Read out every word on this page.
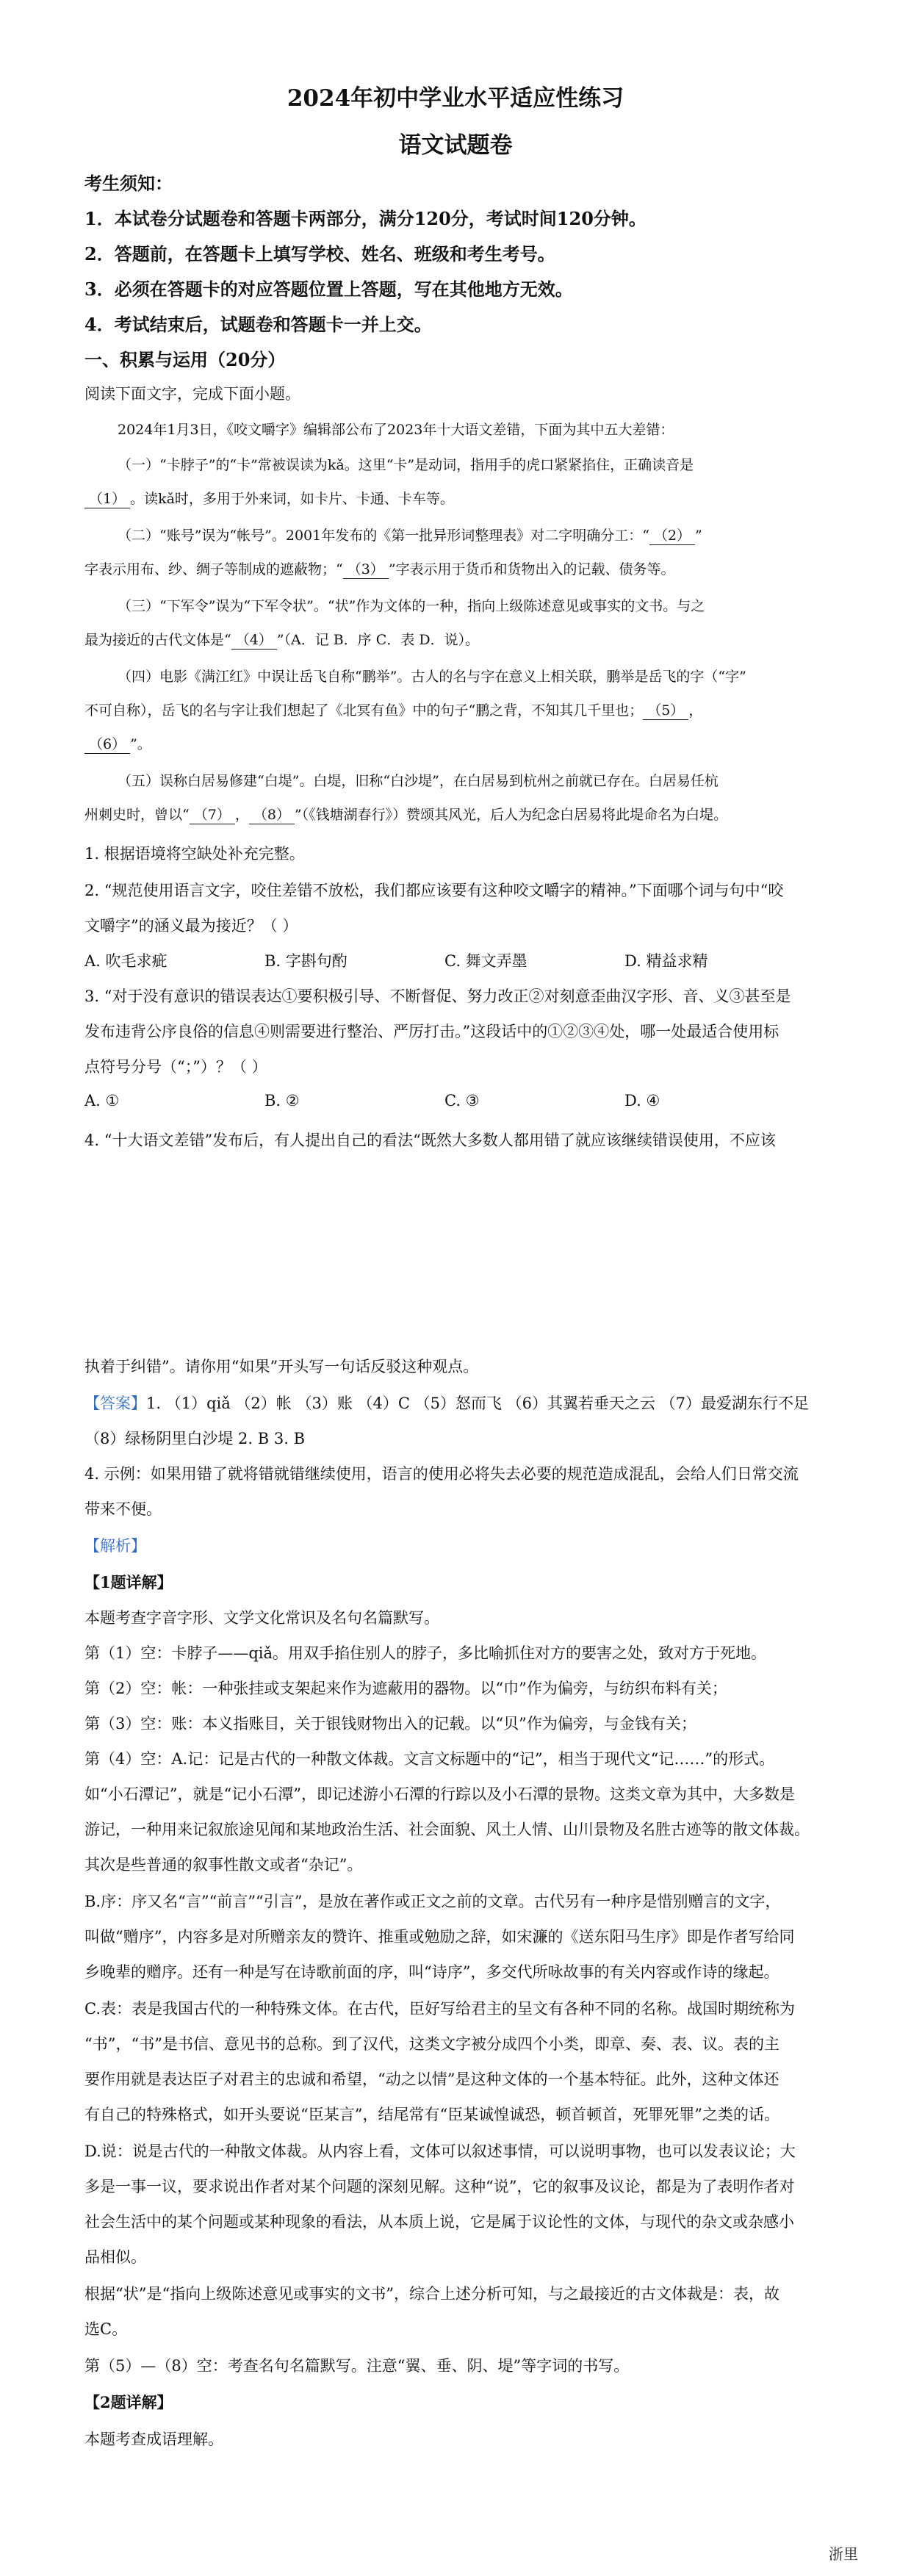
2024年初中学业水平适应性练习
语文试题卷
考生须知：
1．本试卷分试题卷和答题卡两部分，满分120分，考试时间120分钟。
2．答题前，在答题卡上填写学校、姓名、班级和考生考号。
3．必须在答题卡的对应答题位置上答题，写在其他地方无效。
4．考试结束后，试题卷和答题卡一并上交。
一、积累与运用（20分）
阅读下面文字，完成下面小题。
2024年1月3日，《咬文嚼字》编辑部公布了2023年十大语文差错，下面为其中五大差错：
（一）“卡脖子”的“卡”常被误读为kǎ。这里“卡”是动词，指用手的虎口紧紧掐住，正确读音是
（1） 。读kǎ时，多用于外来词，如卡片、卡通、卡车等。
（二）“账号”误为“帐号”。2001年发布的《第一批异形词整理表》对二字明确分工：“ （2） ”
字表示用布、纱、绸子等制成的遮蔽物；“ （3） ”字表示用于货币和货物出入的记载、债务等。
（三）“下军令”误为“下军令状”。“状”作为文体的一种，指向上级陈述意见或事实的文书。与之
最为接近的古代文体是“ （4） ”（A．记 B．序 C．表 D．说）。
（四）电影《满江红》中误让岳飞自称“鹏举”。古人的名与字在意义上相关联，鹏举是岳飞的字（“字”
不可自称），岳飞的名与字让我们想起了《北冥有鱼》中的句子“鹏之背，不知其几千里也； （5） ，
（6） ”。
（五）误称白居易修建“白堤”。白堤，旧称“白沙堤”，在白居易到杭州之前就已存在。白居易任杭
州刺史时，曾以“ （7） ， （8） ”（《钱塘湖春行》）赞颂其风光，后人为纪念白居易将此堤命名为白堤。
1. 根据语境将空缺处补充完整。
2. “规范使用语言文字，咬住差错不放松，我们都应该要有这种咬文嚼字的精神。”下面哪个词与句中“咬
文嚼字”的涵义最为接近？（ ）
A. 吹毛求疵	B. 字斟句酌	C. 舞文弄墨	D. 精益求精
3. “对于没有意识的错误表达①要积极引导、不断督促、努力改正②对刻意歪曲汉字形、音、义③甚至是
发布违背公序良俗的信息④则需要进行整治、严厉打击。”这段话中的①②③④处，哪一处最适合使用标
点符号分号（“；”）？（ ）
A. ①	B. ②	C. ③	D. ④
4. “十大语文差错”发布后，有人提出自己的看法“既然大多数人都用错了就应该继续错误使用，不应该
执着于纠错”。请你用“如果”开头写一句话反驳这种观点。
【答案】1. （1）qiǎ （2）帐 （3）账 （4）C （5）怒而飞 （6）其翼若垂天之云 （7）最爱湖东行不足
（8）绿杨阴里白沙堤 2. B 3. B
4. 示例：如果用错了就将错就错继续使用，语言的使用必将失去必要的规范造成混乱，会给人们日常交流
带来不便。
【解析】
【1题详解】
本题考查字音字形、文学文化常识及名句名篇默写。
第（1）空：卡脖子——qiǎ。用双手掐住别人的脖子，多比喻抓住对方的要害之处，致对方于死地。
第（2）空：帐：一种张挂或支架起来作为遮蔽用的器物。以“巾”作为偏旁，与纺织布料有关；
第（3）空：账：本义指账目，关于银钱财物出入的记载。以“贝”作为偏旁，与金钱有关；
第（4）空：A.记：记是古代的一种散文体裁。文言文标题中的“记”，相当于现代文“记……”的形式。
如“小石潭记”，就是“记小石潭”，即记述游小石潭的行踪以及小石潭的景物。这类文章为其中，大多数是
游记，一种用来记叙旅途见闻和某地政治生活、社会面貌、风土人情、山川景物及名胜古迹等的散文体裁。
其次是些普通的叙事性散文或者“杂记”。
B.序：序又名“言”“前言”“引言”，是放在著作或正文之前的文章。古代另有一种序是惜别赠言的文字，
叫做“赠序”，内容多是对所赠亲友的赞许、推重或勉励之辞，如宋濂的《送东阳马生序》即是作者写给同
乡晚辈的赠序。还有一种是写在诗歌前面的序，叫“诗序”，多交代所咏故事的有关内容或作诗的缘起。
C.表：表是我国古代的一种特殊文体。在古代，臣好写给君主的呈文有各种不同的名称。战国时期统称为
“书”，“书”是书信、意见书的总称。到了汉代，这类文字被分成四个小类，即章、奏、表、议。表的主
要作用就是表达臣子对君主的忠诚和希望，“动之以情”是这种文体的一个基本特征。此外，这种文体还
有自己的特殊格式，如开头要说“臣某言”，结尾常有“臣某诚惶诚恐，顿首顿首，死罪死罪”之类的话。
D.说：说是古代的一种散文体裁。从内容上看，文体可以叙述事情，可以说明事物，也可以发表议论；大
多是一事一议，要求说出作者对某个问题的深刻见解。这种“说”，它的叙事及议论，都是为了表明作者对
社会生活中的某个问题或某种现象的看法，从本质上说，它是属于议论性的文体，与现代的杂文或杂感小
品相似。
根据“状”是“指向上级陈述意见或事实的文书”，综合上述分析可知，与之最接近的古文体裁是：表，故
选C。
第（5）—（8）空：考查名句名篇默写。注意“翼、垂、阴、堤”等字词的书写。
【2题详解】
本题考查成语理解。
浙里
